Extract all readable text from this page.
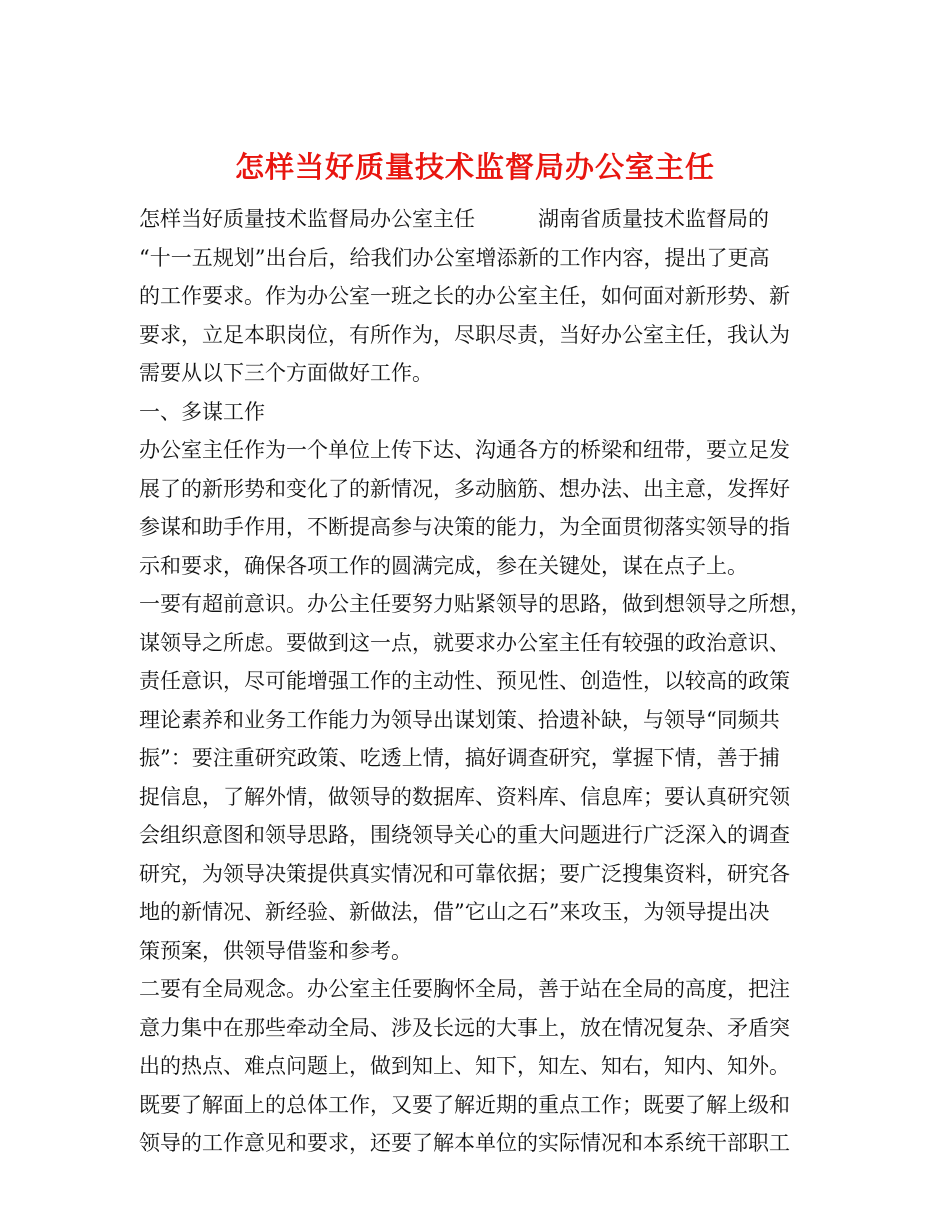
怎样当好质量技术监督局办公室主任
怎样当好质量技术监督局办公室主任　　　湖南省质量技术监督局的
“十一五规划”出台后，给我们办公室增添新的工作内容，提出了更高
的工作要求。作为办公室一班之长的办公室主任，如何面对新形势、新
要求，立足本职岗位，有所作为，尽职尽责，当好办公室主任，我认为
需要从以下三个方面做好工作。
一、多谋工作
办公室主任作为一个单位上传下达、沟通各方的桥梁和纽带，要立足发
展了的新形势和变化了的新情况，多动脑筋、想办法、出主意，发挥好
参谋和助手作用，不断提高参与决策的能力，为全面贯彻落实领导的指
示和要求，确保各项工作的圆满完成，参在关键处，谋在点子上。
一要有超前意识。办公主任要努力贴紧领导的思路，做到想领导之所想，
谋领导之所虑。要做到这一点，就要求办公室主任有较强的政治意识、
责任意识，尽可能增强工作的主动性、预见性、创造性，以较高的政策
理论素养和业务工作能力为领导出谋划策、拾遗补缺，与领导“同频共
振”：要注重研究政策、吃透上情，搞好调查研究，掌握下情，善于捕
捉信息，了解外情，做领导的数据库、资料库、信息库；要认真研究领
会组织意图和领导思路，围绕领导关心的重大问题进行广泛深入的调查
研究，为领导决策提供真实情况和可靠依据；要广泛搜集资料，研究各
地的新情况、新经验、新做法，借”它山之石”来攻玉，为领导提出决
策预案，供领导借鉴和参考。
二要有全局观念。办公室主任要胸怀全局，善于站在全局的高度，把注
意力集中在那些牵动全局、涉及长远的大事上，放在情况复杂、矛盾突
出的热点、难点问题上，做到知上、知下，知左、知右，知内、知外。
既要了解面上的总体工作，又要了解近期的重点工作；既要了解上级和
领导的工作意见和要求，还要了解本单位的实际情况和本系统干部职工
